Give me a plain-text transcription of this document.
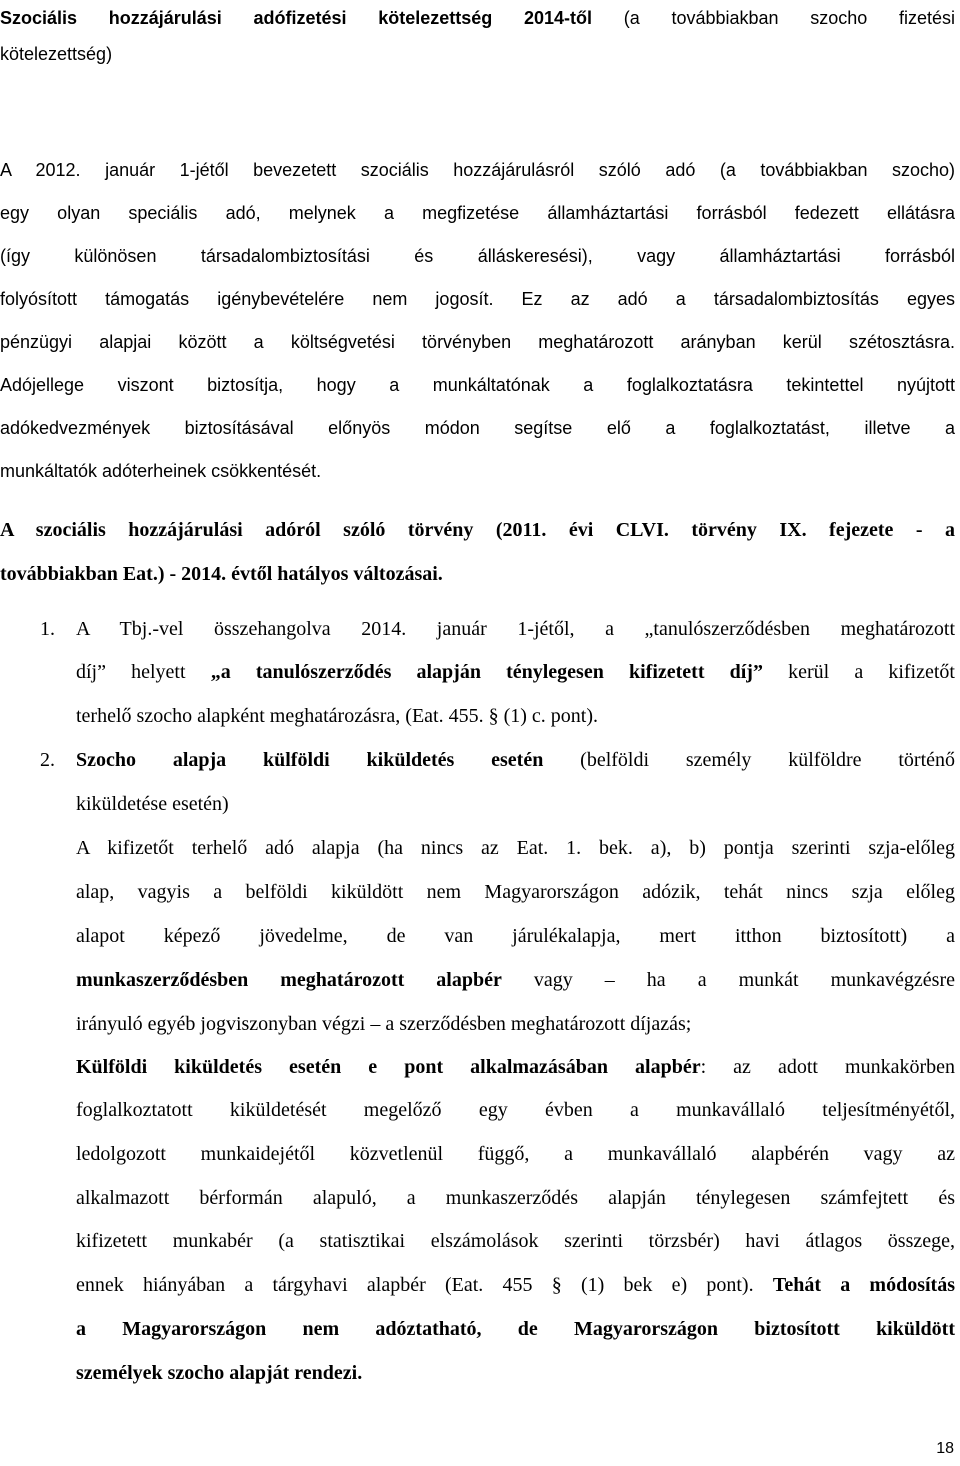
Szociális hozzájárulási adófizetési kötelezettség 2014-től (a továbbiakban szocho fizetési
kötelezettség)
A 2012. január 1-jétől bevezetett szociális hozzájárulásról szóló adó (a továbbiakban szocho)
egy olyan speciális adó, melynek a megfizetése államháztartási forrásból fedezett ellátásra
(így különösen társadalombiztosítási és álláskeresési), vagy államháztartási forrásból
folyósított támogatás igénybevételére nem jogosít. Ez az adó a társadalombiztosítás egyes
pénzügyi alapjai között a költségvetési törvényben meghatározott arányban kerül szétosztásra.
Adójellege viszont biztosítja, hogy a munkáltatónak a foglalkoztatásra tekintettel nyújtott
adókedvezmények biztosításával előnyös módon segítse elő a foglalkoztatást, illetve a
munkáltatók adóterheinek csökkentését.
A szociális hozzájárulási adóról szóló törvény (2011. évi CLVI. törvény IX. fejezete - a
továbbiakban Eat.) - 2014. évtől hatályos változásai.
1. A Tbj.-vel összehangolva 2014. január 1-jétől, a „tanulószerződésben meghatározott
díj” helyett „a tanulószerződés alapján ténylegesen kifizetett díj” kerül a kifizetőt
terhelő szocho alapként meghatározásra, (Eat. 455. § (1) c. pont).
2. Szocho alapja külföldi kiküldetés esetén (belföldi személy külföldre történő
kiküldetése esetén)
A kifizetőt terhelő adó alapja (ha nincs az Eat. 1. bek. a), b) pontja szerinti szja-előleg
alap, vagyis a belföldi kiküldött nem Magyarországon adózik, tehát nincs szja előleg
alapot képező jövedelme, de van járulékalapja, mert itthon biztosított) a
munkaszerződésben meghatározott alapbér vagy – ha a munkát munkavégzésre
irányuló egyéb jogviszonyban végzi – a szerződésben meghatározott díjazás;
Külföldi kiküldetés esetén e pont alkalmazásában alapbér: az adott munkakörben
foglalkoztatott kiküldetését megelőző egy évben a munkavállaló teljesítményétől,
ledolgozott munkaidejétől közvetlenül függő, a munkavállaló alapbérén vagy az
alkalmazott bérformán alapuló, a munkaszerződés alapján ténylegesen számfejtett és
kifizetett munkabér (a statisztikai elszámolások szerinti törzsbér) havi átlagos összege,
ennek hiányában a tárgyhavi alapbér (Eat. 455 § (1) bek e) pont). Tehát a módosítás
a Magyarországon nem adóztatható, de Magyarországon biztosított kiküldött
személyek szocho alapját rendezi.
18
